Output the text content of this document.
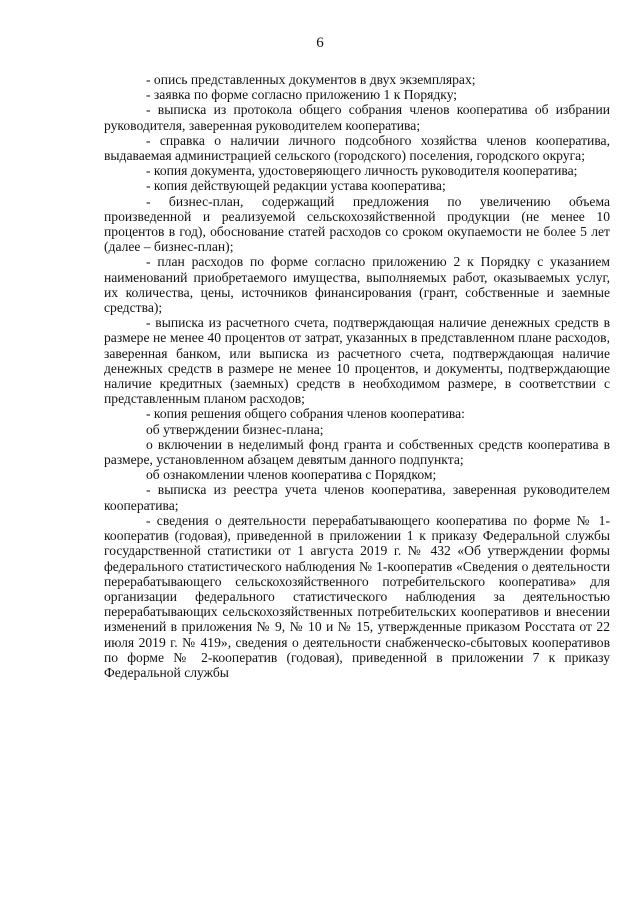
6

- опись представленных документов в двух экземплярах;

- заявка по форме согласно приложению 1 к Порядку;

- выписка из протокола общего собрания членов кооператива об избрании руководителя, заверенная руководителем кооператива;

- справка о наличии личного подсобного хозяйства членов кооператива, выдаваемая администрацией сельского (городского) поселения, городского округа;

- копия документа, удостоверяющего личность руководителя кооператива;

- копия действующей редакции устава кооператива;

- бизнес-план, содержащий предложения по увеличению объема произведенной и реализуемой сельскохозяйственной продукции (не менее 10 процентов в год), обоснование статей расходов со сроком окупаемости не более 5 лет (далее – бизнес-план);

- план расходов по форме согласно приложению 2 к Порядку с указанием наименований приобретаемого имущества, выполняемых работ, оказываемых услуг, их количества, цены, источников финансирования (грант, собственные и заемные средства);

- выписка из расчетного счета, подтверждающая наличие денежных средств в размере не менее 40 процентов от затрат, указанных в представленном плане расходов, заверенная банком, или выписка из расчетного счета, подтверждающая наличие денежных средств в размере не менее 10 процентов, и документы, подтверждающие наличие кредитных (заемных) средств в необходимом размере, в соответствии с представленным планом расходов;

- копия решения общего собрания членов кооператива:

об утверждении бизнес-плана;

о включении в неделимый фонд гранта и собственных средств кооператива в размере, установленном абзацем девятым данного подпункта;

об ознакомлении членов кооператива с Порядком;

- выписка из реестра учета членов кооператива, заверенная руководителем кооператива;

- сведения о деятельности перерабатывающего кооператива по форме № 1-кооператив (годовая), приведенной в приложении 1 к приказу Федеральной службы государственной статистики от 1 августа 2019 г. № 432 «Об утверждении формы федерального статистического наблюдения № 1-кооператив «Сведения о деятельности перерабатывающего сельскохозяйственного потребительского кооператива» для организации федерального статистического наблюдения за деятельностью перерабатывающих сельскохозяйственных потребительских кооперативов и внесении изменений в приложения № 9, № 10 и № 15, утвержденные приказом Росстата от 22 июля 2019 г. № 419», сведения о деятельности снабженческо-сбытовых кооперативов по форме № 2-кооператив (годовая), приведенной в приложении 7 к приказу Федеральной службы
